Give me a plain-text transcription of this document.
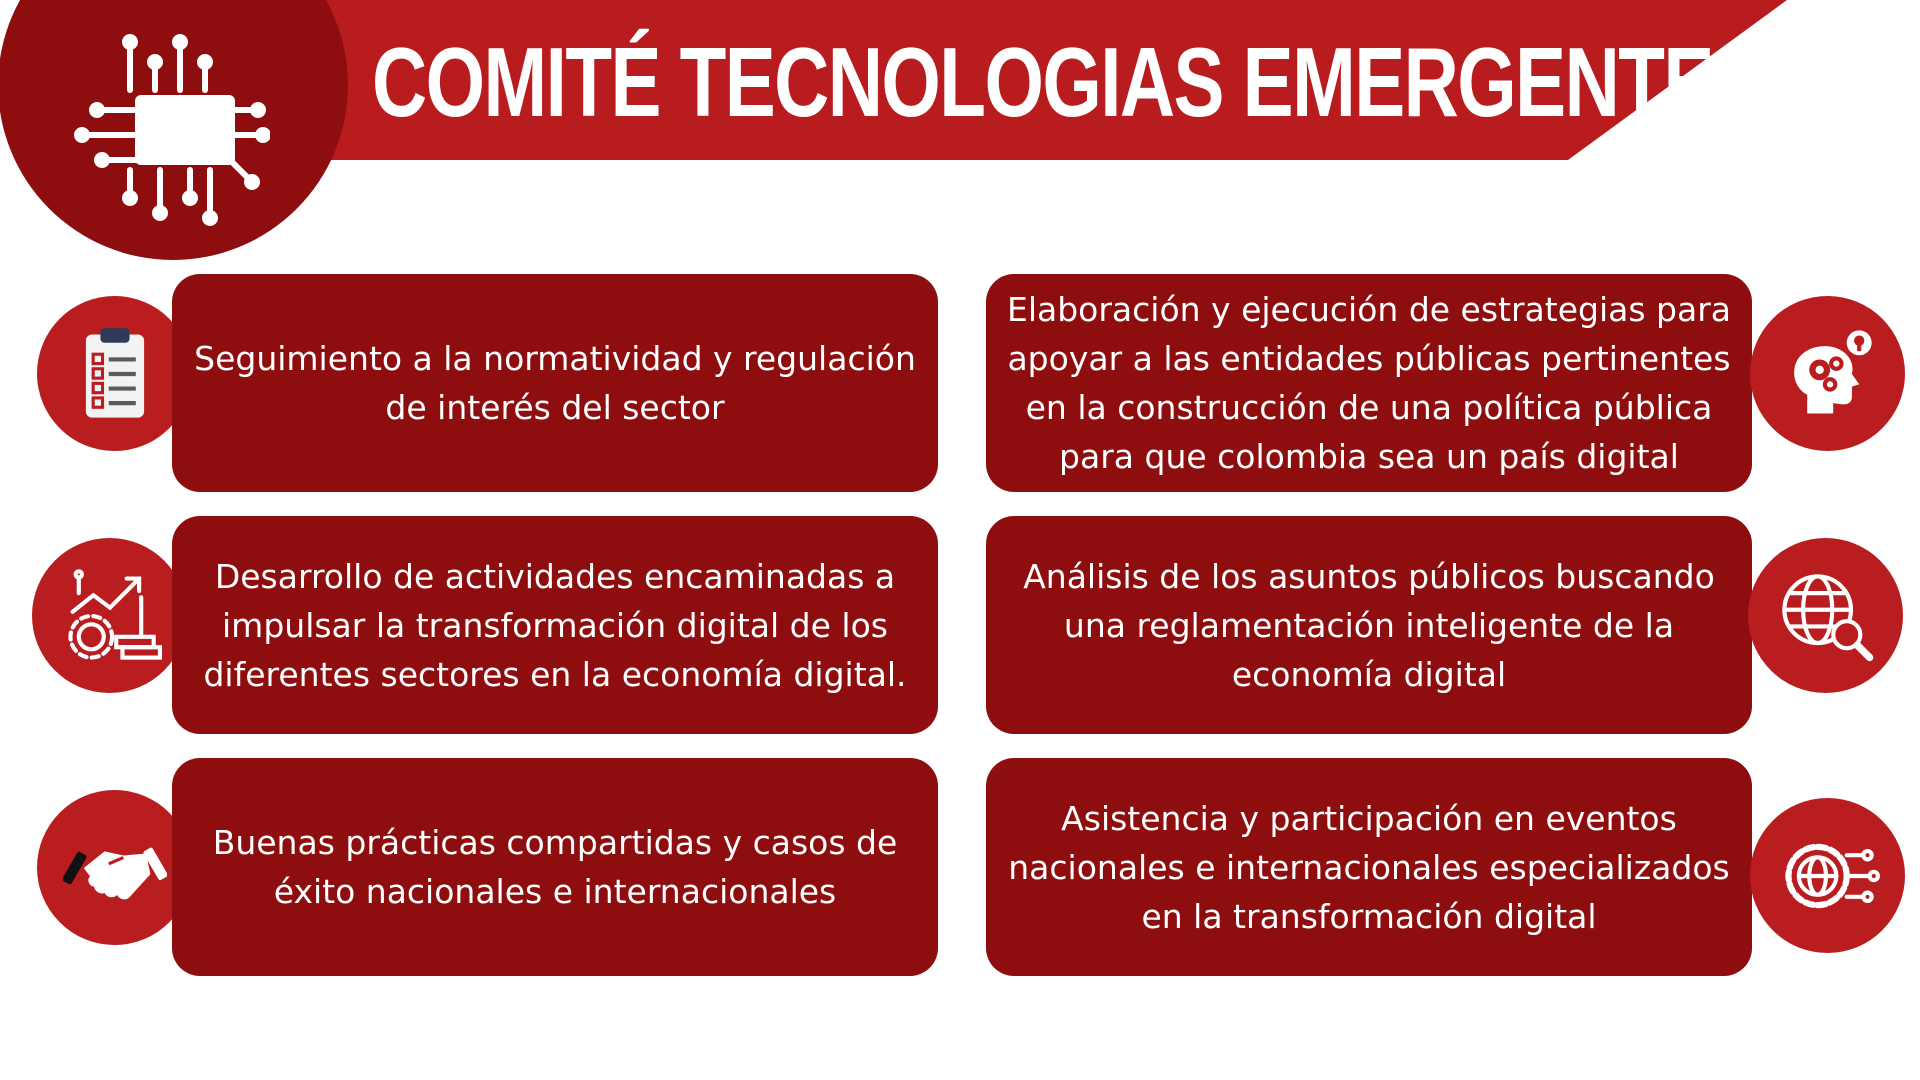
COMITÉ TECNOLOGIAS EMERGENTES
Seguimiento a la normatividad y regulación de interés del sector
Elaboración y ejecución de estrategias para apoyar a las entidades públicas pertinentes en la construcción de una política pública para que colombia sea un país digital
Desarrollo de actividades encaminadas a impulsar la transformación digital de los diferentes sectores en la economía digital.
Análisis de los asuntos públicos buscando una reglamentación inteligente de la economía digital
Buenas prácticas compartidas y casos de éxito nacionales e internacionales
Asistencia y participación en eventos nacionales e internacionales especializados en la transformación digital
